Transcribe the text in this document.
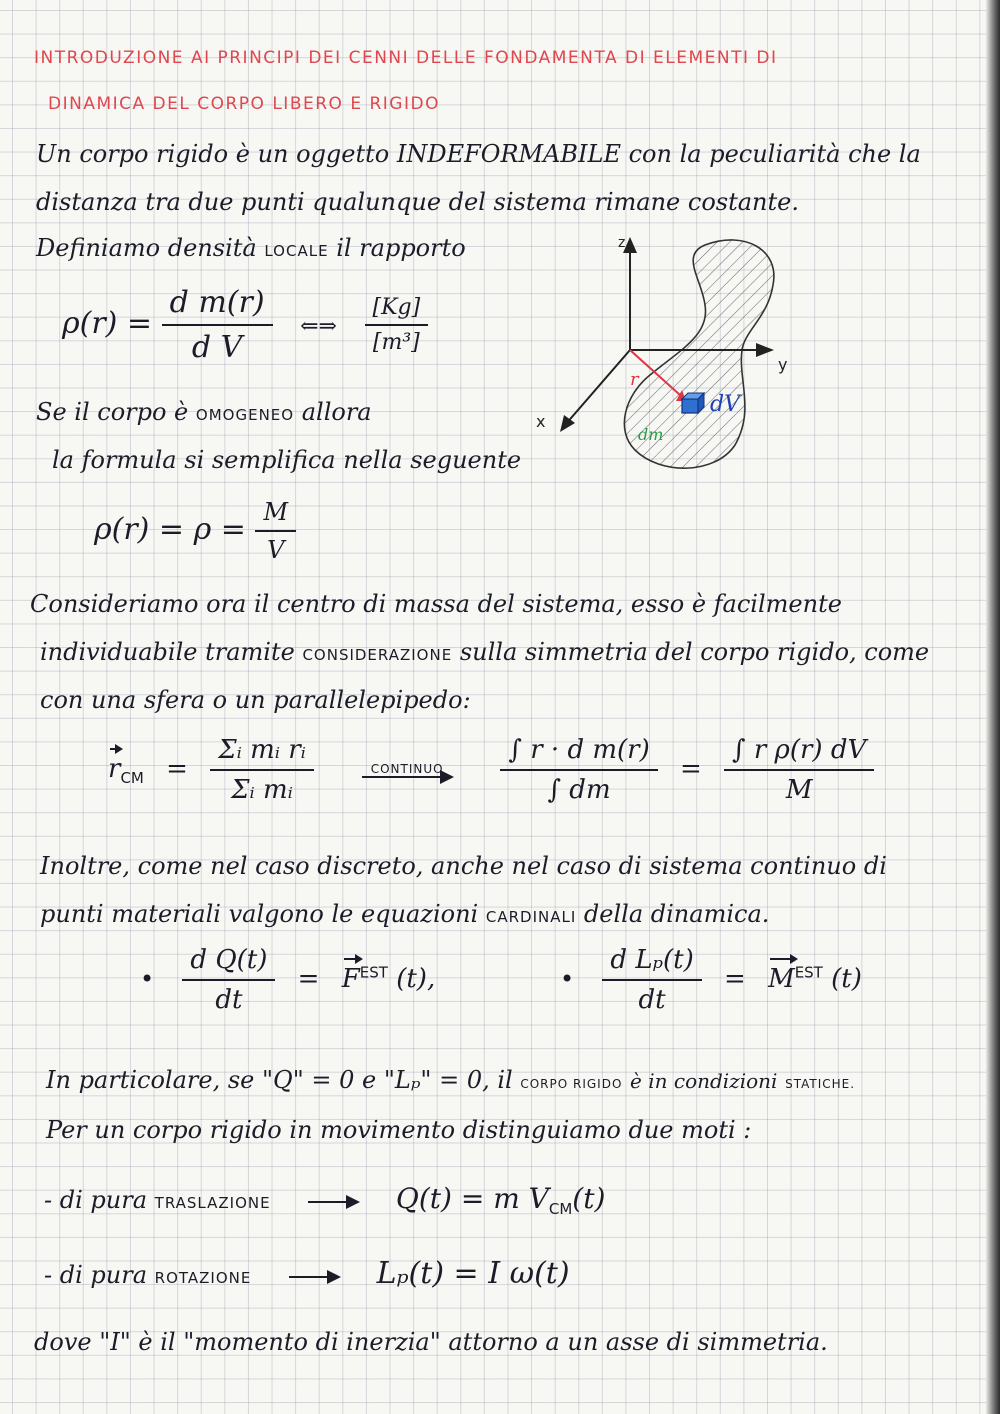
INTRODUZIONE AI PRINCIPI DEI CENNI DELLE FONDAMENTA DI ELEMENTI DI
DINAMICA DEL CORPO LIBERO E RIGIDO
Un corpo rigido è un oggetto INDEFORMABILE con la peculiarità che la
distanza tra due punti qualunque del sistema rimane costante.
Definiamo densità LOCALE il rapporto
$\rho(r) = \frac{\text{d m(r)}}{\text{d V}}$ ⇐⇒ $\frac{[Kg]}{\text{[m³]}}$
z
y
x
r
dV
dm
Se il corpo è OMOGENEO allora
la formula si semplifica nella seguente
$\rho(r) = \rho = \frac{M}{V}$
Consideriamo ora il centro di massa del sistema, esso è facilmente
individuabile tramite CONSIDERAZIONE sulla simmetria del corpo rigido, come
con una sfera o un parallelepipedo:
$r_{CM} = \frac{\text{Σᵢ mᵢ rᵢ}}{\text{Σᵢ mᵢ}}$
	CONTINUO
$\frac{\text{∫ r · d m(r)}}{\int dm} = \frac{\text{∫ r ρ(r) dV}}{M}$
Inoltre, come nel caso discreto, anche nel caso di sistema continuo di
punti materiali valgono le equazioni CARDINALI della dinamica.
• $\frac{\text{d Q(t)}}{dt} = F^{EST}$ (t),	• $\frac{\text{d Lₚ(t)}}{dt} = M^{EST}$ (t)
In particolare, se "Q" = 0 e "Lₚ" = 0, il CORPO RIGIDO è in condizioni STATICHE.
Per un corpo rigido in movimento distinguiamo due moti :
- di pura TRASLAZIONE	Q(t) = m $V_{CM}(t)$
- di pura ROTAZIONE	Lₚ(t) = I ω(t)
dove "I" è il "momento di inerzia" attorno a un asse di simmetria.
